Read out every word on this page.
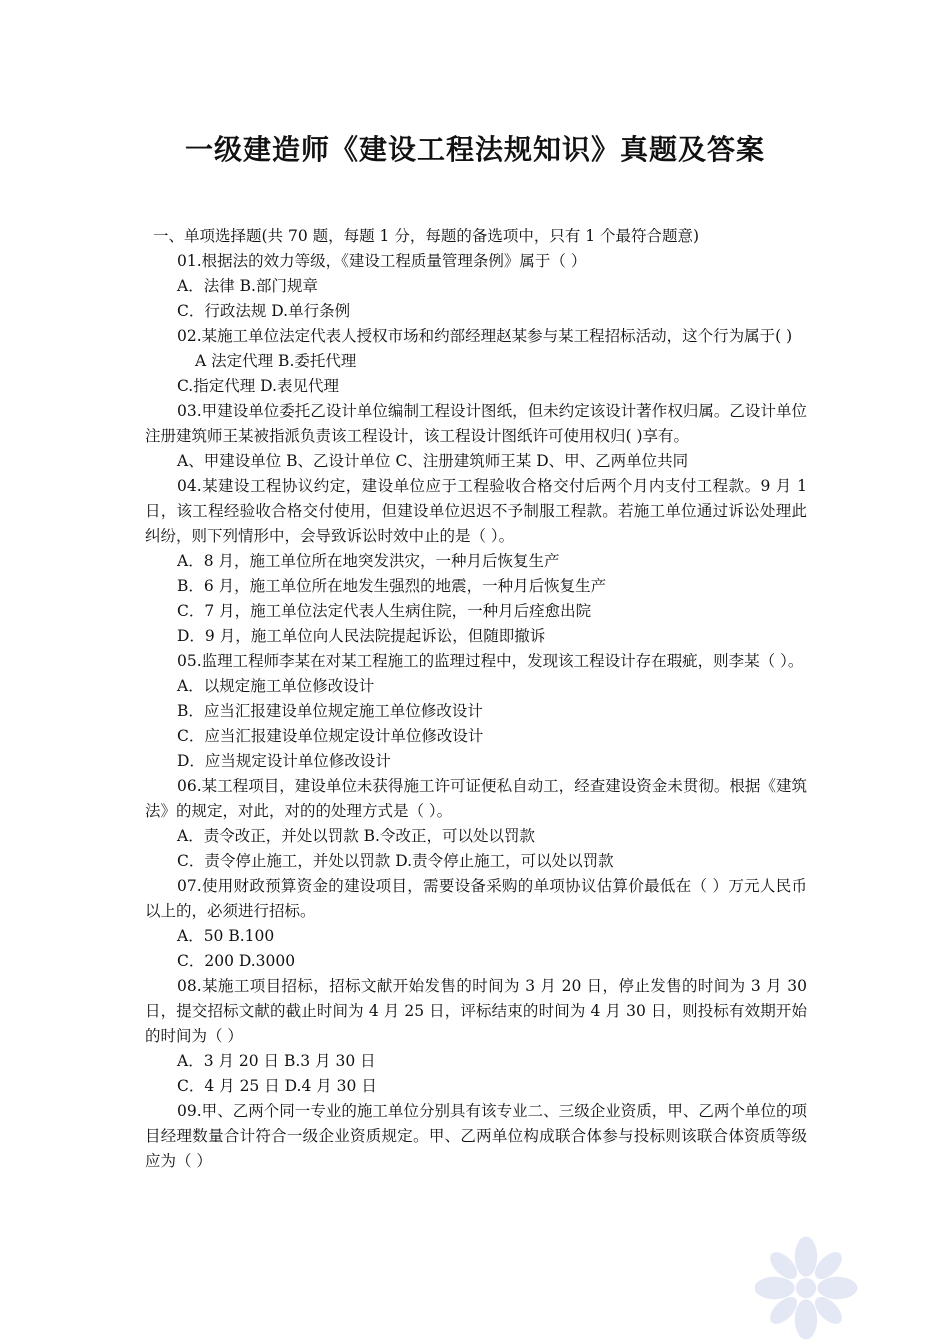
一级建造师《建设工程法规知识》真题及答案
一、单项选择题(共 70 题，每题 1 分，每题的备选项中，只有 1 个最符合题意)
01.根据法的效力等级，《建设工程质量管理条例》属于（ ）
A．法律 B.部门规章
C．行政法规 D.单行条例
02.某施工单位法定代表人授权市场和约部经理赵某参与某工程招标活动，这个行为属于( )
A 法定代理 B.委托代理
C.指定代理 D.表见代理
03.甲建设单位委托乙设计单位编制工程设计图纸，但未约定该设计著作权归属。乙设计单位注册建筑师王某被指派负责该工程设计，该工程设计图纸许可使用权归( )享有。
A、甲建设单位 B、乙设计单位 C、注册建筑师王某 D、甲、乙两单位共同
04.某建设工程协议约定，建设单位应于工程验收合格交付后两个月内支付工程款。9 月 1 日，该工程经验收合格交付使用，但建设单位迟迟不予制服工程款。若施工单位通过诉讼处理此纠纷，则下列情形中，会导致诉讼时效中止的是（ ）。
A．8 月，施工单位所在地突发洪灾，一种月后恢复生产
B．6 月，施工单位所在地发生强烈的地震，一种月后恢复生产
C．7 月，施工单位法定代表人生病住院，一种月后痊愈出院
D．9 月，施工单位向人民法院提起诉讼，但随即撤诉
05.监理工程师李某在对某工程施工的监理过程中，发现该工程设计存在瑕疵，则李某（ ）。
A．以规定施工单位修改设计
B．应当汇报建设单位规定施工单位修改设计
C．应当汇报建设单位规定设计单位修改设计
D．应当规定设计单位修改设计
06.某工程项目，建设单位未获得施工许可证便私自动工，经查建设资金未贯彻。根据《建筑法》的规定，对此，对的的处理方式是（ ）。
A．责令改正，并处以罚款 B.令改正，可以处以罚款
C．责令停止施工，并处以罚款 D.责令停止施工，可以处以罚款
07.使用财政预算资金的建设项目，需要设备采购的单项协议估算价最低在（ ）万元人民币以上的，必须进行招标。
A．50 B.100
C．200 D.3000
08.某施工项目招标，招标文献开始发售的时间为 3 月 20 日，停止发售的时间为 3 月 30 日，提交招标文献的截止时间为 4 月 25 日，评标结束的时间为 4 月 30 日，则投标有效期开始的时间为（ ）
A．3 月 20 日 B.3 月 30 日
C．4 月 25 日 D.4 月 30 日
09.甲、乙两个同一专业的施工单位分别具有该专业二、三级企业资质，甲、乙两个单位的项目经理数量合计符合一级企业资质规定。甲、乙两单位构成联合体参与投标则该联合体资质等级应为（ ）
